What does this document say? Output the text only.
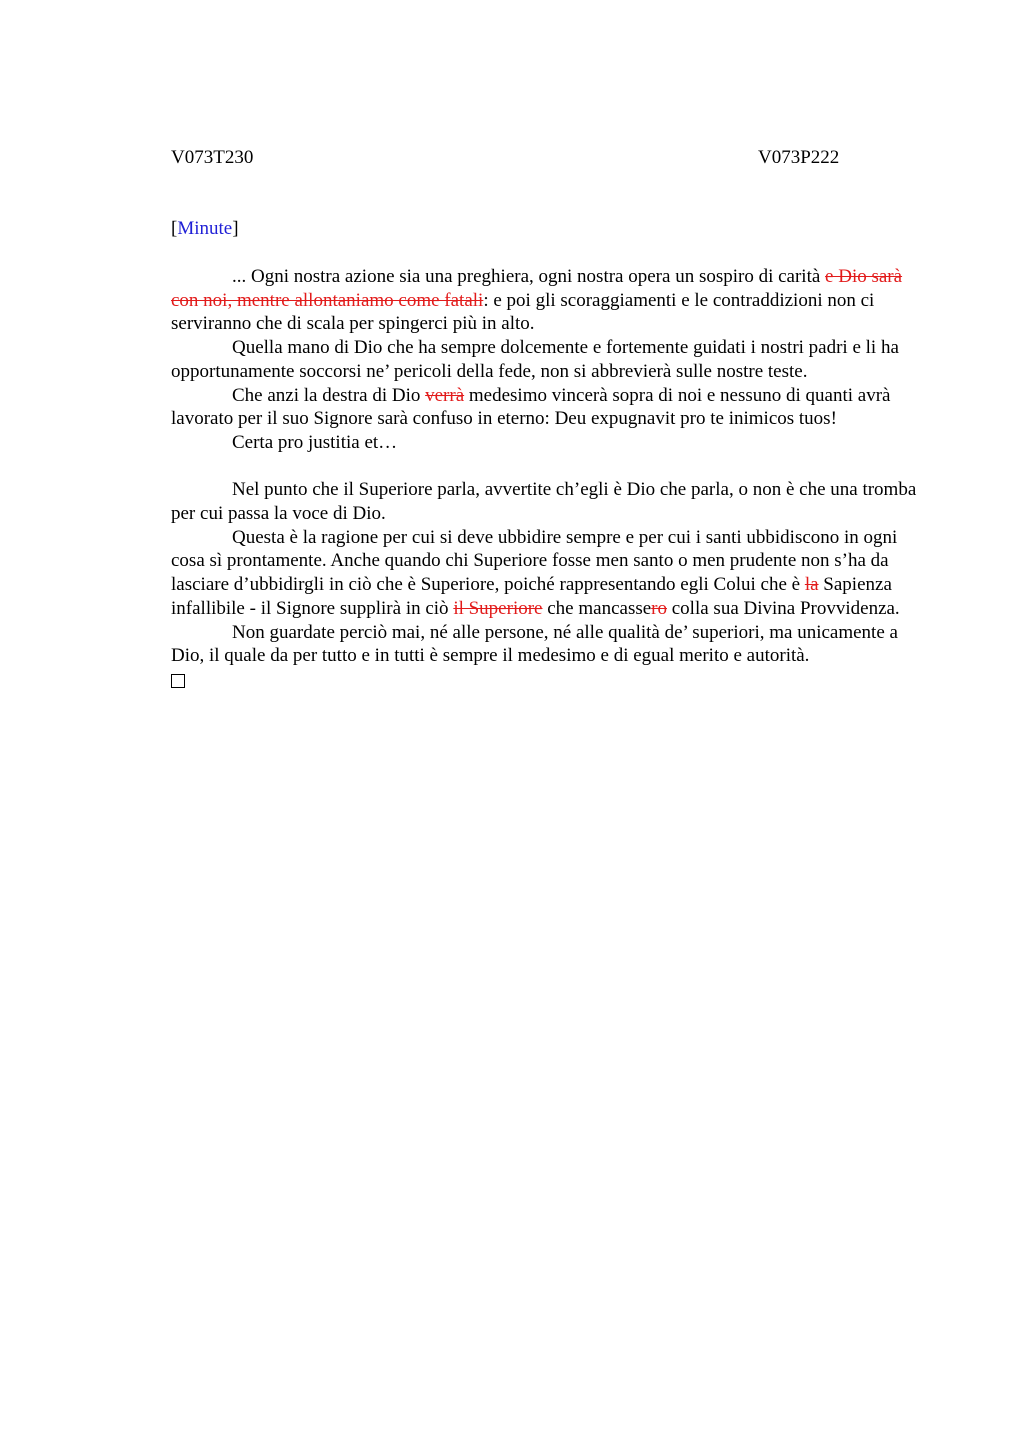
V073T230	V073P222
[Minute]

... Ogni nostra azione sia una preghiera, ogni nostra opera un sospiro di carità e Dio sarà con noi, mentre allontaniamo come fatali: e poi gli scoraggiamenti e le contraddizioni non ci serviranno che di scala per spingerci più in alto.

Quella mano di Dio che ha sempre dolcemente e fortemente guidati i nostri padri e li ha opportunamente soccorsi ne’ pericoli della fede, non si abbrevierà sulle nostre teste.

Che anzi la destra di Dio verrà medesimo vincerà sopra di noi e nessuno di quanti avrà lavorato per il suo Signore sarà confuso in eterno: Deu expugnavit pro te inimicos tuos!

Certa pro justitia et…

Nel punto che il Superiore parla, avvertite ch’egli è Dio che parla, o non è che una tromba per cui passa la voce di Dio.

Questa è la ragione per cui si deve ubbidire sempre e per cui i santi ubbidiscono in ogni cosa sì prontamente. Anche quando chi Superiore fosse men santo o men prudente non s’ha da lasciare d’ubbidirgli in ciò che è Superiore, poiché rappresentando egli Colui che è la Sapienza infallibile - il Signore supplirà in ciò il Superiore che mancassero colla sua Divina Provvidenza.

Non guardate perciò mai, né alle persone, né alle qualità de’ superiori, ma unicamente a Dio, il quale da per tutto e in tutti è sempre il medesimo e di egual merito e autorità.
